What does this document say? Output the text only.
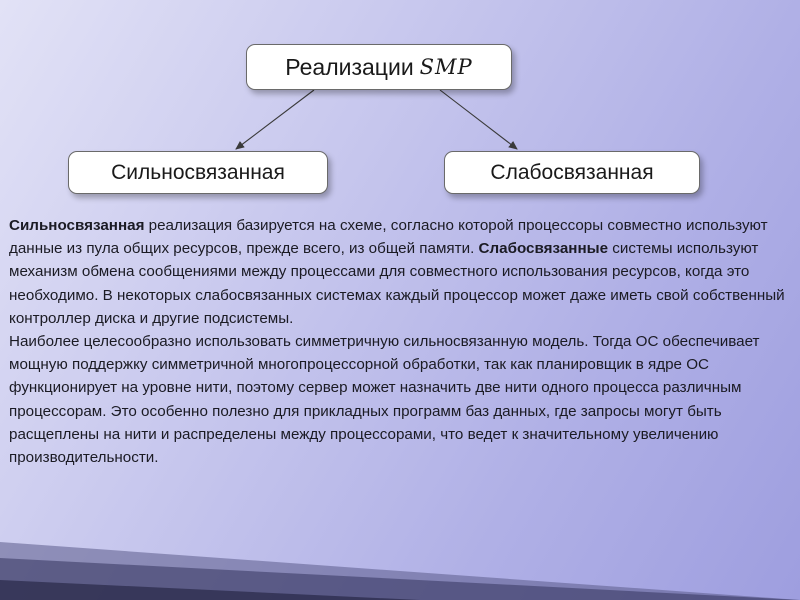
Реализации SMP
Сильносвязанная	Слабосвязанная

Сильносвязанная реализация базируется на схеме, согласно которой процессоры совместно используют данные из пула общих ресурсов, прежде всего, из общей памяти. Слабосвязанные системы используют механизм обмена сообщениями между процессами для совместного использования ресурсов, когда это необходимо. В некоторых слабосвязанных системах каждый процессор может даже иметь свой собственный контроллер диска и другие подсистемы.

Наиболее целесообразно использовать симметричную сильносвязанную модель. Тогда ОС обеспечивает мощную поддержку симметричной многопроцессорной обработки, так как планировщик в ядре ОС функционирует на уровне нити, поэтому сервер может назначить две нити одного процесса различным процессорам. Это особенно полезно для прикладных программ баз данных, где запросы могут быть расщеплены на нити и распределены между процессорами, что ведет к значительному увеличению производительности.
